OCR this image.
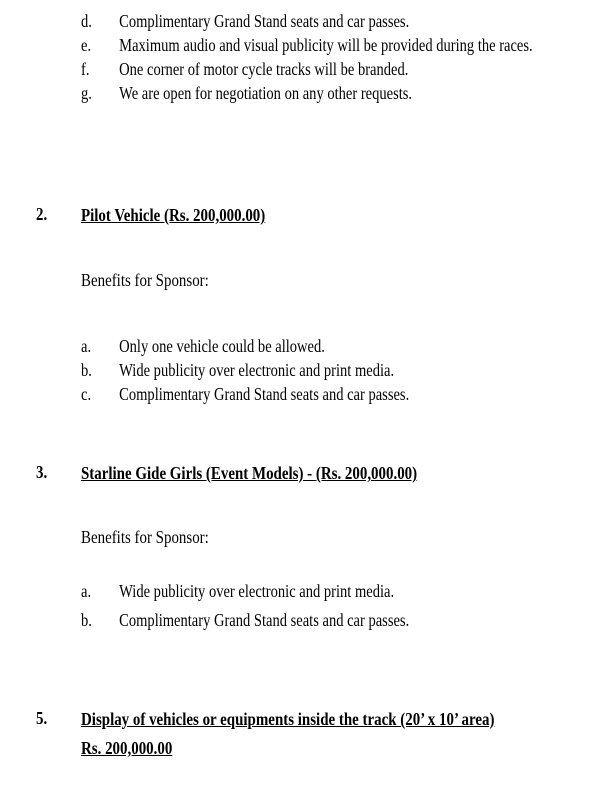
d. Complimentary Grand Stand seats and car passes.
e. Maximum audio and visual publicity will be provided during the races.
f. One corner of motor cycle tracks will be branded.
g.We are open for negotiation on any other requests.
2. Pilot Vehicle (Rs. 200,000.00)
Benefits for Sponsor:
a. Only one vehicle could be allowed.
b. Wide publicity over electronic and print media.
c. Complimentary Grand Stand seats and car passes.
3. Starline Gide Girls (Event Models) - (Rs. 200,000.00)
Benefits for Sponsor:
a. Wide publicity over electronic and print media.
b. Complimentary Grand Stand seats and car passes.
5. Display of vehicles or equipments inside the track (20’ x 10’ area)
Rs. 200,000.00
